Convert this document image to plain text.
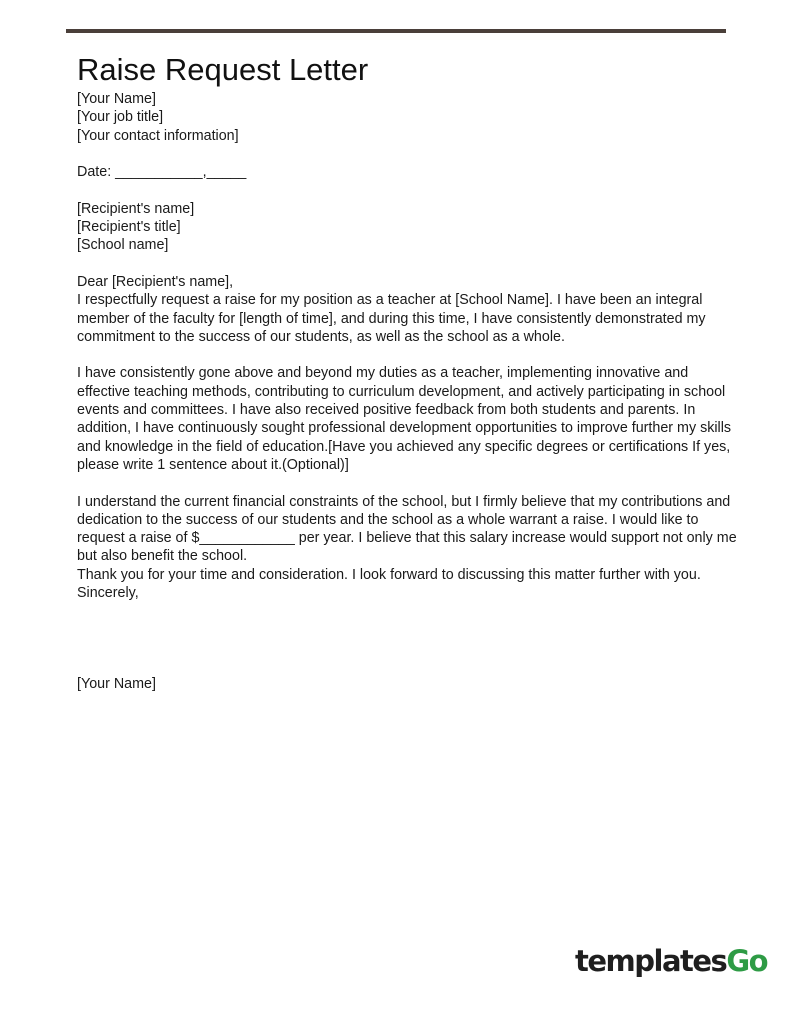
Raise Request Letter

[Your Name]

[Your job title]

[Your contact information]

Date: ___________,_____

[Recipient's name]

[Recipient's title]

[School name]

Dear [Recipient's name],

I respectfully request a raise for my position as a teacher at [School Name]. I have been an integral member of the faculty for [length of time], and during this time, I have consistently demonstrated my commitment to the success of our students, as well as the school as a whole.

I have consistently gone above and beyond my duties as a teacher, implementing innovative and effective teaching methods, contributing to curriculum development, and actively participating in school events and committees. I have also received positive feedback from both students and parents. In addition, I have continuously sought professional development opportunities to improve further my skills and knowledge in the field of education.[Have you achieved any specific degrees or certifications If yes, please write 1 sentence about it.(Optional)]

I understand the current financial constraints of the school, but I firmly believe that my contributions and dedication to the success of our students and the school as a whole warrant a raise. I would like to request a raise of $____________ per year. I believe that this salary increase would support not only me but also benefit the school.

Thank you for your time and consideration. I look forward to discussing this matter further with you.

Sincerely,

[Your Name]

templatesGo
